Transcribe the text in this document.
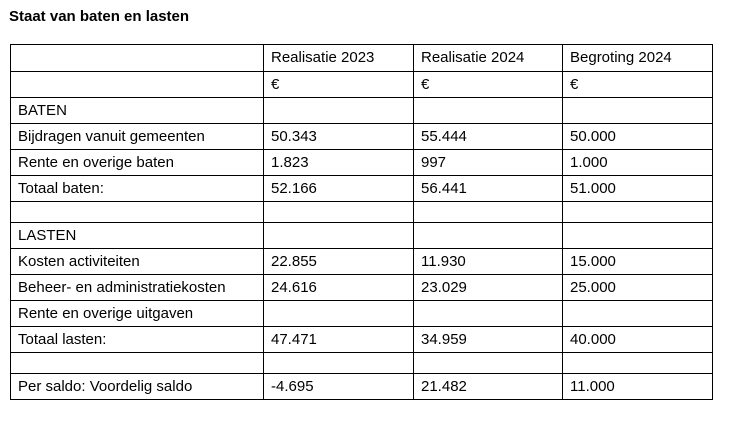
Staat van baten en lasten
	Realisatie 2023	Realisatie 2024	Begroting 2024
	€	€	€
BATEN			
Bijdragen vanuit gemeenten	50.343	55.444	50.000
Rente en overige baten	1.823	997	1.000
Totaal baten:	52.166	56.441	51.000

LASTEN			
Kosten activiteiten	22.855	11.930	15.000
Beheer- en administratiekosten	24.616	23.029	25.000
Rente en overige uitgaven			
Totaal lasten:	47.471	34.959	40.000

Per saldo: Voordelig saldo	-4.695	21.482	11.000
